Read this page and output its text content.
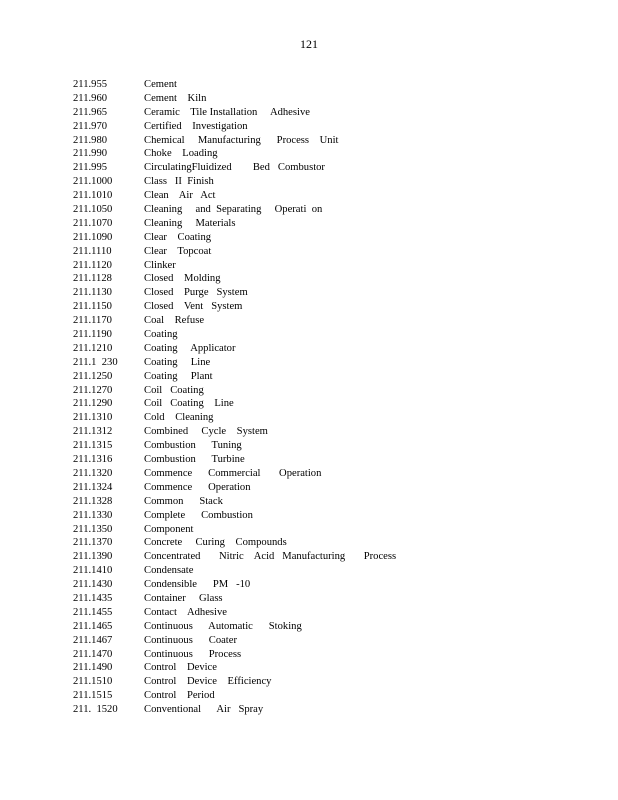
121
211.955	Cement
211.960	Cement    Kiln
211.965	Ceramic    Tile Installation     Adhesive
211.970	Certified    Investigation
211.980	Chemical     Manufacturing      Process    Unit
211.990	Choke    Loading
211.995	CirculatingFluidized        Bed   Combustor
211.1000	Class   II  Finish
211.1010	Clean    Air   Act
211.1050	Cleaning     and  Separating     Operati  on
211.1070	Cleaning     Materials
211.1090	Clear    Coating
211.1110	Clear    Topcoat
211.1120	Clinker
211.1128	Closed    Molding
211.1130	Closed    Purge   System
211.1150	Closed    Vent   System
211.1170	Coal    Refuse
211.1190	Coating
211.1210	Coating     Applicator
211.1  230	Coating     Line
211.1250	Coating     Plant
211.1270	Coil   Coating
211.1290	Coil   Coating    Line
211.1310	Cold    Cleaning
211.1312	Combined     Cycle    System
211.1315	Combustion      Tuning
211.1316	Combustion      Turbine
211.1320	Commence      Commercial       Operation
211.1324	Commence      Operation
211.1328	Common      Stack
211.1330	Complete      Combustion
211.1350	Component
211.1370	Concrete     Curing    Compounds
211.1390	Concentrated       Nitric    Acid   Manufacturing       Process
211.1410	Condensate
211.1430	Condensible      PM   -10
211.1435	Container     Glass
211.1455	Contact    Adhesive
211.1465	Continuous      Automatic      Stoking
211.1467	Continuous      Coater
211.1470	Continuous      Process
211.1490	Control    Device
211.1510	Control    Device    Efficiency
211.1515	Control    Period
211.  1520	Conventional      Air   Spray
